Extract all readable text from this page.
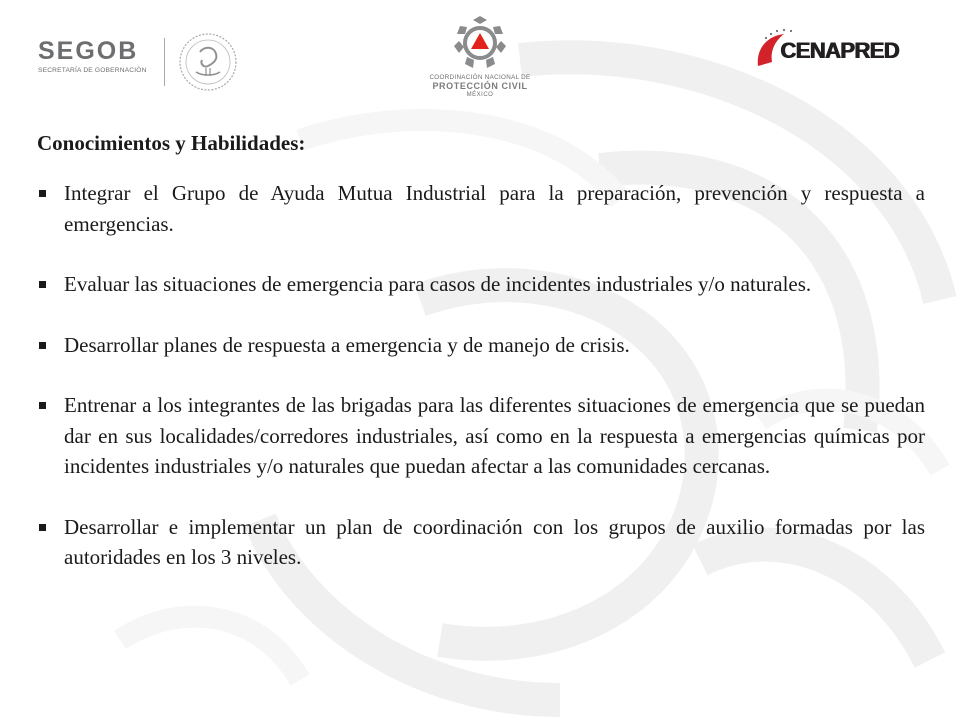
SEGOB
SECRETARÍA DE GOBERNACIÓN
COORDINACIÓN NACIONAL DE
PROTECCIÓN CIVIL
MÉXICO
CENAPRED
Conocimientos y Habilidades:
Integrar el Grupo de Ayuda Mutua Industrial para la preparación, prevención y respuesta a emergencias.
Evaluar las situaciones de emergencia para casos de incidentes industriales y/o naturales.
Desarrollar planes de respuesta a emergencia y de manejo de crisis.
Entrenar a los integrantes de las brigadas para las diferentes situaciones de emergencia que se puedan dar en sus localidades/corredores industriales, así como en la respuesta a emergencias químicas por incidentes industriales y/o naturales que puedan afectar a las comunidades cercanas.
Desarrollar e implementar un plan de coordinación con los grupos de auxilio formadas por las autoridades en los 3 niveles.
